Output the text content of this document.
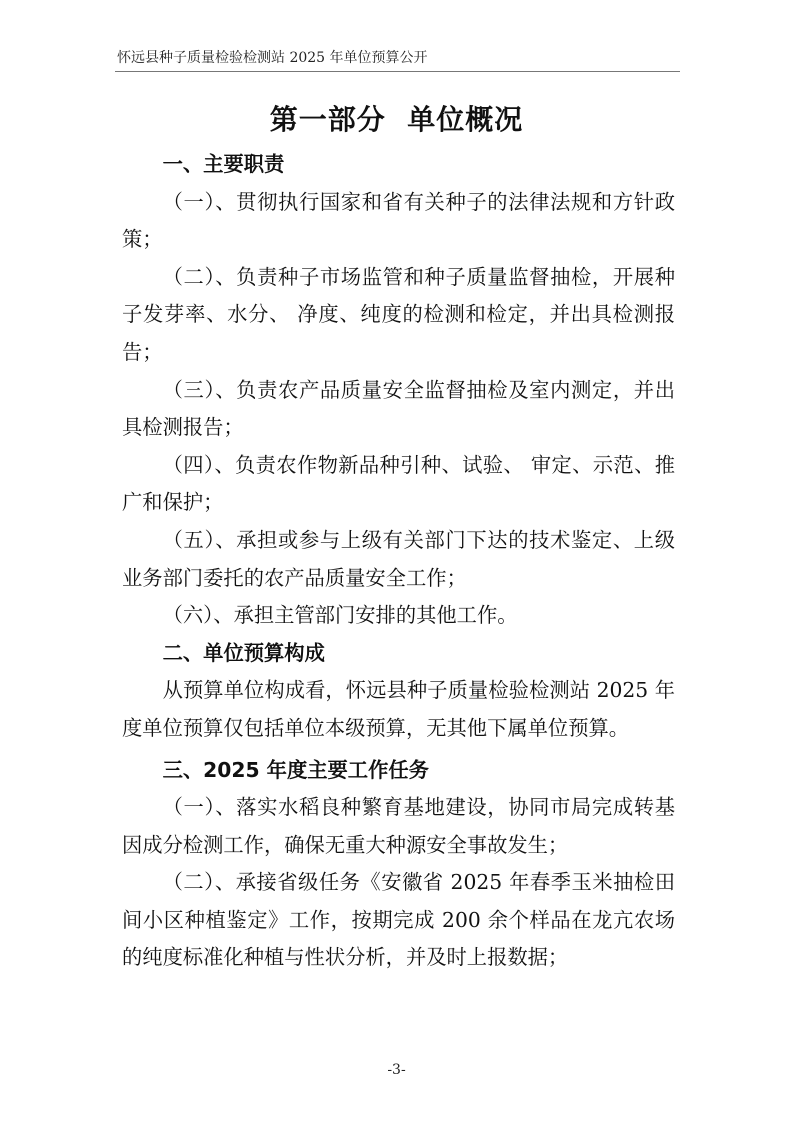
怀远县种子质量检验检测站 2025 年单位预算公开
第一部分  单位概况
一、主要职责

（一）、贯彻执行国家和省有关种子的法律法规和方针政策；

（二）、负责种子市场监管和种子质量监督抽检，开展种子发芽率、水分、 净度、纯度的检测和检定，并出具检测报告；

（三）、负责农产品质量安全监督抽检及室内测定，并出具检测报告；

（四）、负责农作物新品种引种、试验、 审定、示范、推广和保护；

（五）、承担或参与上级有关部门下达的技术鉴定、上级业务部门委托的农产品质量安全工作；

（六）、承担主管部门安排的其他工作。

二、单位预算构成

从预算单位构成看，怀远县种子质量检验检测站 2025 年度单位预算仅包括单位本级预算，无其他下属单位预算。

三、2025 年度主要工作任务

（一）、落实水稻良种繁育基地建设，协同市局完成转基因成分检测工作，确保无重大种源安全事故发生；

（二）、承接省级任务《安徽省 2025 年春季玉米抽检田间小区种植鉴定》工作，按期完成 200 余个样品在龙亢农场的纯度标准化种植与性状分析，并及时上报数据；

-3-
